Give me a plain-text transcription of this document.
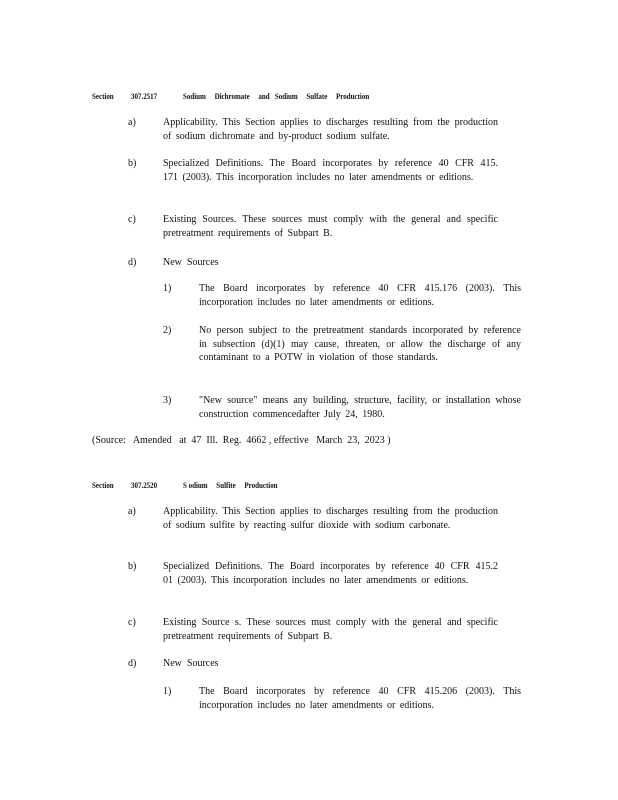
Section 307.2517	Sodium     Dichromate     and   Sodium     Sulfate     Production
a)	Applicability. This Section applies to discharges resulting from the production of sodium dichromate and by-product sodium sulfate.
b)	Specialized Definitions. The Board incorporates by reference 40 CFR 415. 171 (2003). This incorporation includes no later amendments or editions.
c)	Existing Sources. These sources must comply with the general and specific pretreatment requirements of Subpart B.
d)	New  Sources
1)	The Board incorporates by reference 40 CFR 415.176 (2003). This incorporation includes no later amendments or editions.
2)	No person subject to the pretreatment standards incorporated by reference in subsection (d)(1) may cause, threaten, or allow the discharge of any contaminant to a POTW in violation of those standards.
3)	"New source" means any building, structure, facility, or installation whose construction commencedafter July 24, 1980.
(Source:   Amended   at  47  Ill.  Reg.  4662 , effective   March  23,  2023 )
Section 307.2520	S odium     Sulfite     Production
a)	Applicability. This Section applies to discharges resulting from the production of sodium sulfite by reacting sulfur dioxide with sodium carbonate.
b)	Specialized Definitions. The Board incorporates by reference 40 CFR 415.2 01 (2003). This incorporation includes no later amendments or editions.
c)	Existing Source s. These sources must comply with the general and specific pretreatment requirements of Subpart B.
d)	New  Sources
1)	The Board incorporates by reference 40 CFR 415.206 (2003). This incorporation includes no later amendments or editions.
